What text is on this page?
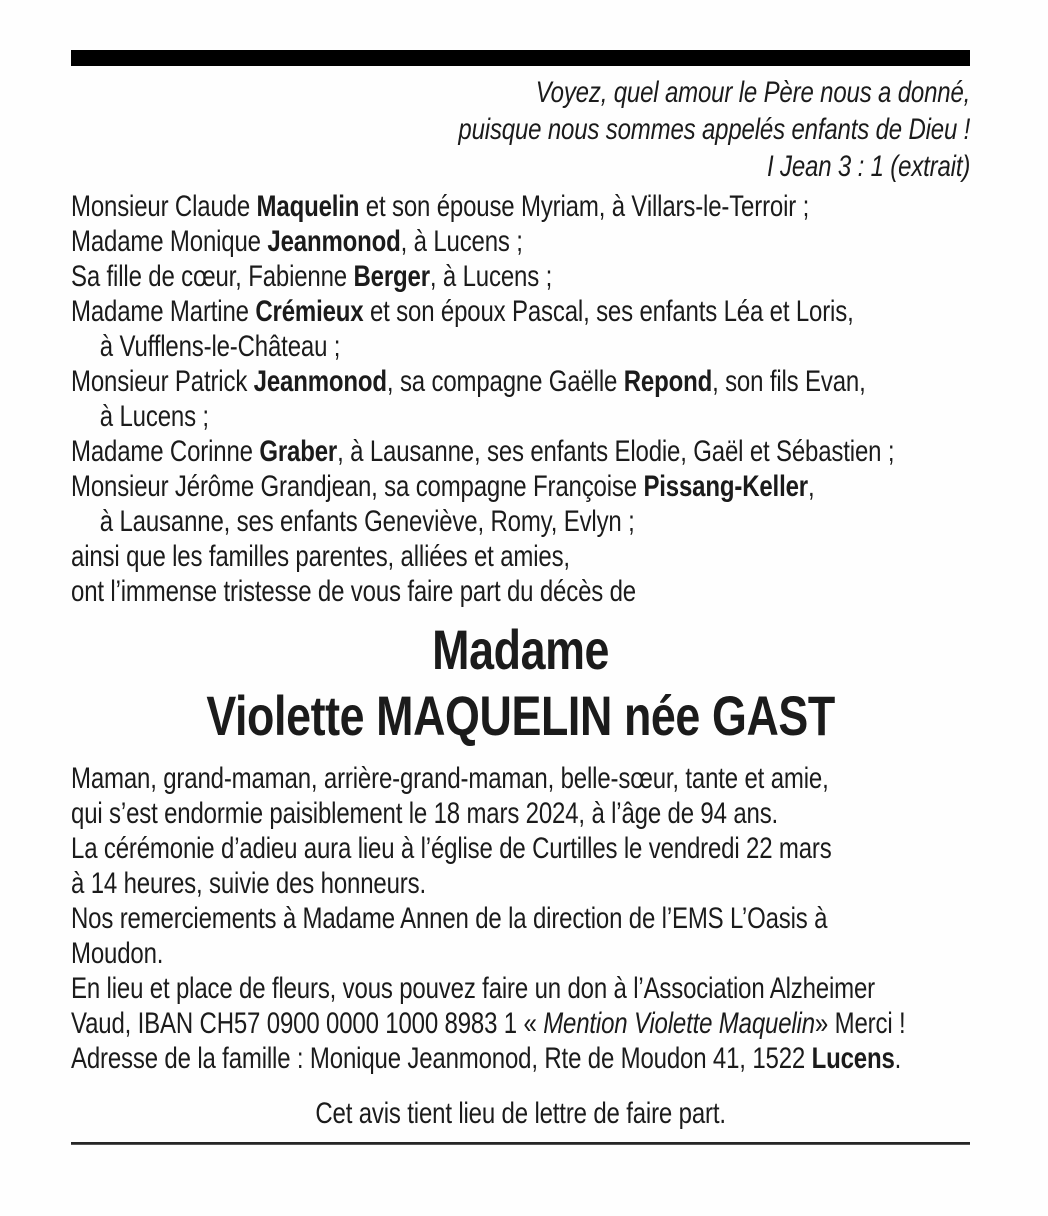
Voyez, quel amour le Père nous a donné,
puisque nous sommes appelés enfants de Dieu !
I Jean 3 : 1 (extrait)
Monsieur Claude Maquelin et son épouse Myriam, à Villars-le-Terroir ;
Madame Monique Jeanmonod, à Lucens ;
Sa fille de cœur, Fabienne Berger, à Lucens ;
Madame Martine Crémieux et son époux Pascal, ses enfants Léa et Loris,
à Vufflens-le-Château ;
Monsieur Patrick Jeanmonod, sa compagne Gaëlle Repond, son fils Evan,
à Lucens ;
Madame Corinne Graber, à Lausanne, ses enfants Elodie, Gaël et Sébastien ;
Monsieur Jérôme Grandjean, sa compagne Françoise Pissang-Keller,
à Lausanne, ses enfants Geneviève, Romy, Evlyn ;
ainsi que les familles parentes, alliées et amies,
ont l’immense tristesse de vous faire part du décès de
Madame
Violette MAQUELIN née GAST
Maman, grand-maman, arrière-grand-maman, belle-sœur, tante et amie,
qui s’est endormie paisiblement le 18 mars 2024, à l’âge de 94 ans.
La cérémonie d’adieu aura lieu à l’église de Curtilles le vendredi 22 mars
à 14 heures, suivie des honneurs.
Nos remerciements à Madame Annen de la direction de l’EMS L’Oasis à
Moudon.
En lieu et place de fleurs, vous pouvez faire un don à l’Association Alzheimer
Vaud, IBAN CH57 0900 0000 1000 8983 1 « Mention Violette Maquelin» Merci !
Adresse de la famille : Monique Jeanmonod, Rte de Moudon 41, 1522 Lucens.
Cet avis tient lieu de lettre de faire part.
